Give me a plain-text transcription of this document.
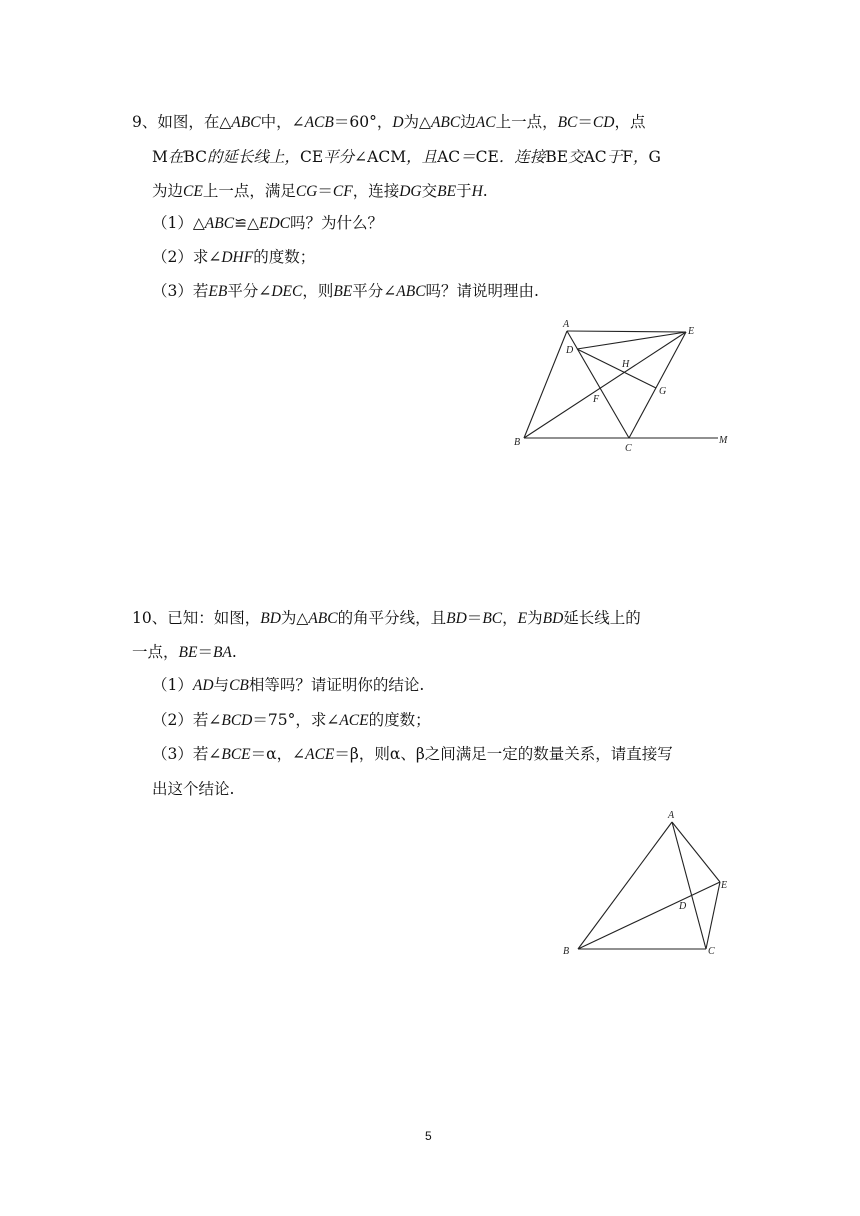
9、如图，在△ABC中，∠ACB＝60°，D为△ABC边AC上一点，BC＝CD，点
M在BC的延长线上，CE平分∠ACM，且AC＝CE．连接BE交AC于F，G
为边CE上一点，满足CG＝CF，连接DG交BE于H.
（1）△ABC≌△EDC吗？为什么？
（2）求∠DHF的度数；
（3）若EB平分∠DEC，则BE平分∠ABC吗？请说明理由.
A
D
E
H
G
F
B
C
M
10、已知：如图，BD为△ABC的角平分线，且BD＝BC，E为BD延长线上的
一点，BE＝BA.
（1）AD与CB相等吗？请证明你的结论.
（2）若∠BCD＝75°，求∠ACE的度数；
（3）若∠BCE＝α，∠ACE＝β，则α、β之间满足一定的数量关系，请直接写
出这个结论.
A
E
D
B	C
5
